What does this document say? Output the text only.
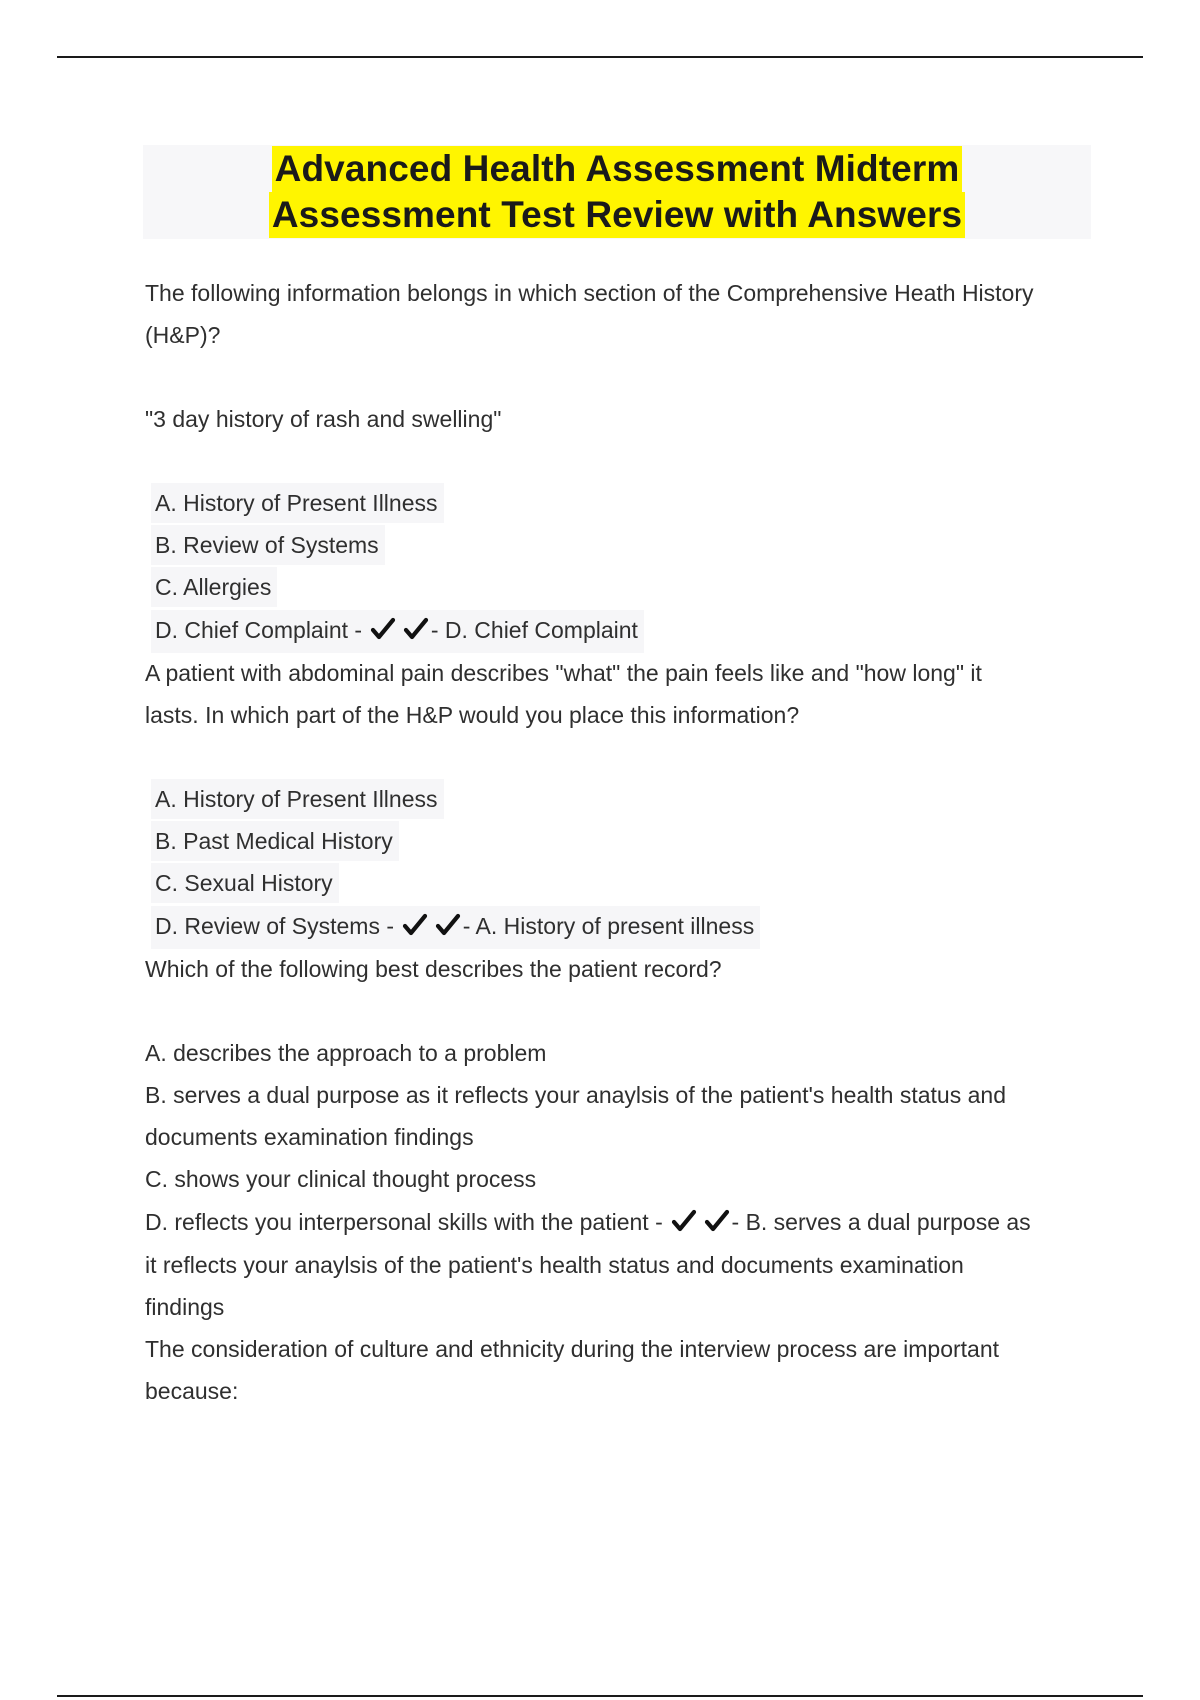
Advanced Health Assessment Midterm
Assessment Test Review with Answers
The following information belongs in which section of the Comprehensive Heath History
(H&P)?
"3 day history of rash and swelling"
A. History of Present Illness
B. Review of Systems
C. Allergies
D. Chief Complaint -	- D. Chief Complaint
A patient with abdominal pain describes "what" the pain feels like and "how long" it
lasts. In which part of the H&P would you place this information?
A. History of Present Illness
B. Past Medical History
C. Sexual History
D. Review of Systems -	- A. History of present illness
Which of the following best describes the patient record?
A. describes the approach to a problem
B. serves a dual purpose as it reflects your anaylsis of the patient's health status and
documents examination findings
C. shows your clinical thought process
D. reflects you interpersonal skills with the patient -	- B. serves a dual purpose as
it reflects your anaylsis of the patient's health status and documents examination
findings
The consideration of culture and ethnicity during the interview process are important
because:
